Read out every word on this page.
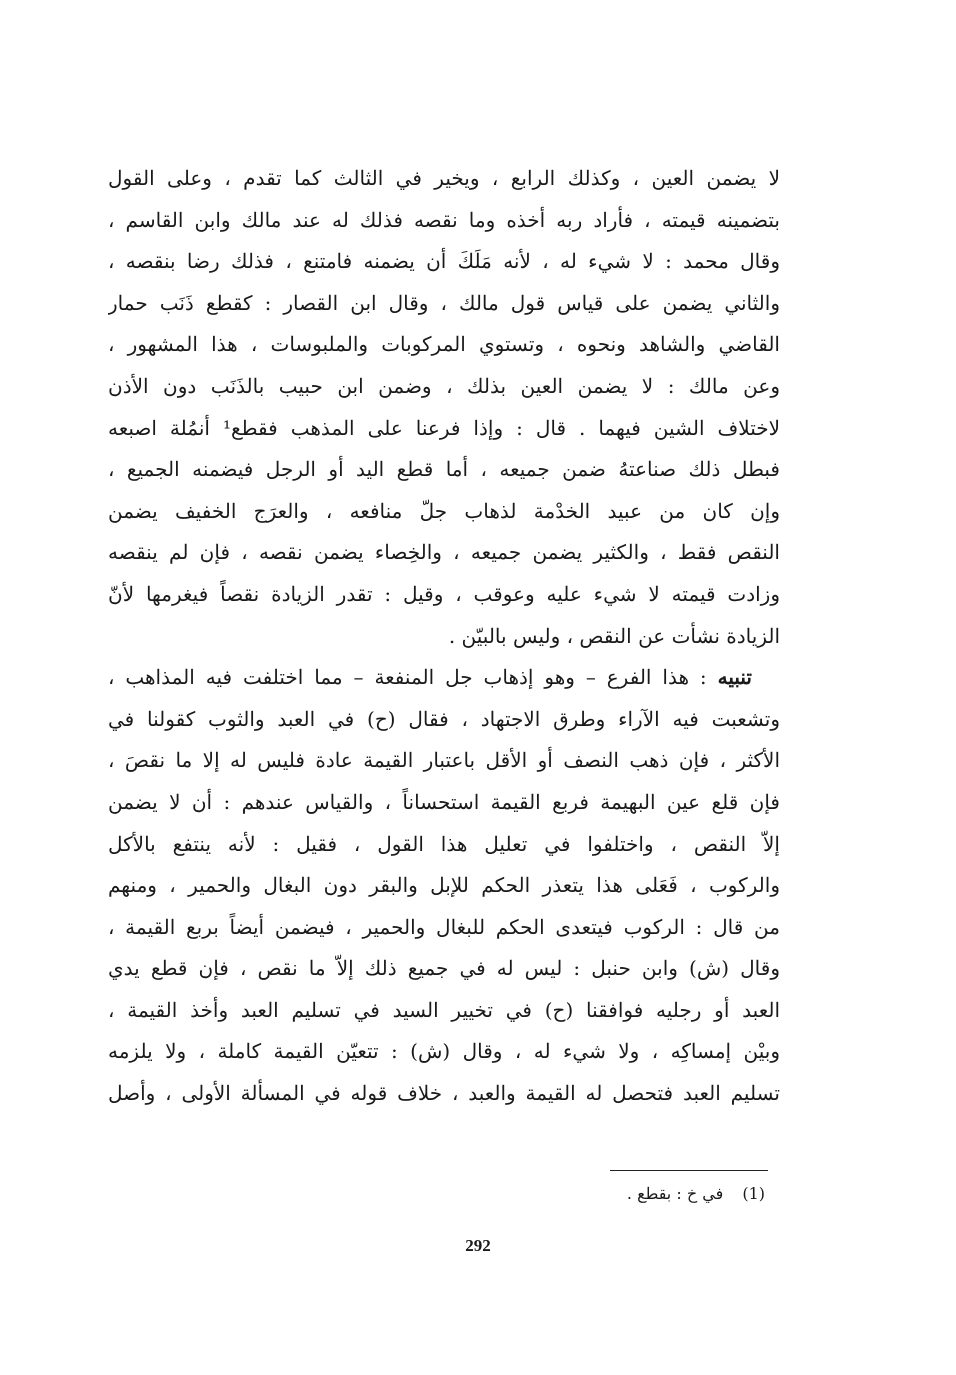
لا يضمن العين ، وكذلك الرابع ، ويخير في الثالث كما تقدم ، وعلى القول
بتضمينه قيمته ، فأراد ربه أخذه وما نقصه فذلك له عند مالك وابن القاسم ،
وقال محمد : لا شيء له ، لأنه مَلَكَ أن يضمنه فامتنع ، فذلك رضا بنقصه ،
والثاني يضمن على قياس قول مالك ، وقال ابن القصار : كقطع ذَنَب حمار
القاضي والشاهد ونحوه ، وتستوي المركوبات والملبوسات ، هذا المشهور ،
وعن مالك : لا يضمن العين بذلك ، وضمن ابن حبيب بالذَنَب دون الأذن
لاختلاف الشين فيهما . قال : وإذا فرعنا على المذهب فقطع¹ أنمُلة اصبعه
فبطل ذلك صناعتهُ ضمن جميعه ، أما قطع اليد أو الرجل فيضمنه الجميع ،
وإن كان من عبيد الخدْمة لذهاب جلّ منافعه ، والعرَج الخفيف يضمن
النقص فقط ، والكثير يضمن جميعه ، والخِصاء يضمن نقصه ، فإن لم ينقصه
وزادت قيمته لا شيء عليه وعوقب ، وقيل : تقدر الزيادة نقصاً فيغرمها لأنّ
الزيادة نشأت عن النقص ، وليس بالبيّن .
تنبيه : هذا الفرع – وهو إذهاب جل المنفعة – مما اختلفت فيه المذاهب ،
وتشعبت فيه الآراء وطرق الاجتهاد ، فقال (ح) في العبد والثوب كقولنا في
الأكثر ، فإن ذهب النصف أو الأقل باعتبار القيمة عادة فليس له إلا ما نقصَ ،
فإن قلع عين البهيمة فربع القيمة استحساناً ، والقياس عندهم : أن لا يضمن
إلاّ النقص ، واختلفوا في تعليل هذا القول ، فقيل : لأنه ينتفع بالأكل
والركوب ، فَعَلى هذا يتعذر الحكم للإبل والبقر دون البغال والحمير ، ومنهم
من قال : الركوب فيتعدى الحكم للبغال والحمير ، فيضمن أيضاً بربع القيمة ،
وقال (ش) وابن حنبل : ليس له في جميع ذلك إلاّ ما نقص ، فإن قطع يدي
العبد أو رجليه فوافقنا (ح) في تخيير السيد في تسليم العبد وأخذ القيمة ،
وبيْن إمساكِه ، ولا شيء له ، وقال (ش) : تتعيّن القيمة كاملة ، ولا يلزمه
تسليم العبد فتحصل له القيمة والعبد ، خلاف قوله في المسألة الأولى ، وأصل
(1) في خ : بقطع .
292
